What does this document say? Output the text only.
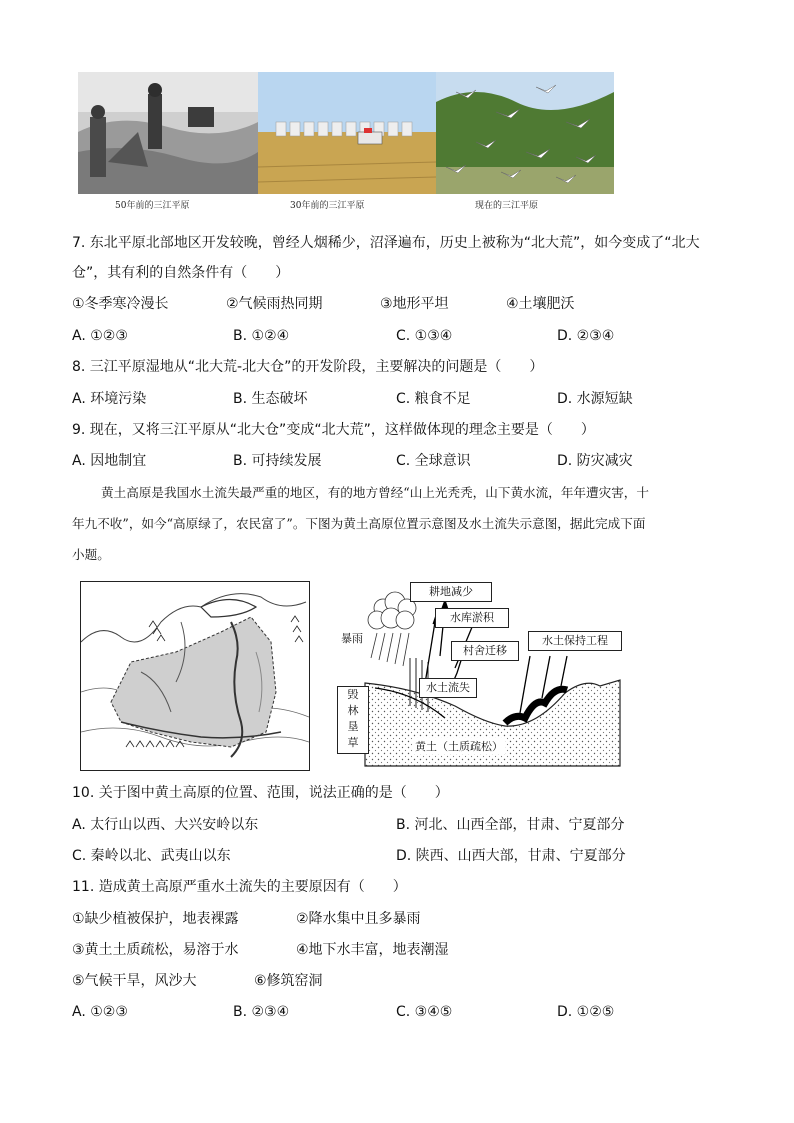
50年前的三江平原	30年前的三江平原	现在的三江平原
7. 东北平原北部地区开发较晚，曾经人烟稀少，沼泽遍布，历史上被称为“北大荒”，如今变成了“北大
仓”，其有利的自然条件有（　　）
①冬季寒冷漫长	②气候雨热同期	③地形平坦	④土壤肥沃
A. ①②③	B. ①②④	C. ①③④	D. ②③④
8. 三江平原湿地从“北大荒-北大仓”的开发阶段，主要解决的问题是（　　）
A. 环境污染	B. 生态破坏	C. 粮食不足	D. 水源短缺
9. 现在，又将三江平原从“北大仓”变成“北大荒”，这样做体现的理念主要是（　　）
A. 因地制宜	B. 可持续发展	C. 全球意识	D. 防灾减灾
黄土高原是我国水土流失最严重的地区，有的地方曾经“山上光秃秃，山下黄水流，年年遭灾害，十
年九不收”，如今“高原绿了，农民富了”。下图为黄土高原位置示意图及水土流失示意图，据此完成下面
小题。
耕地减少
水库淤积
村舍迁移
水土保持工程
水土流失
暴雨
毁
林
垦
草	黄土（土质疏松）
10. 关于图中黄土高原的位置、范围，说法正确的是（　　）
A. 太行山以西、大兴安岭以东	B. 河北、山西全部，甘肃、宁夏部分
C. 秦岭以北、武夷山以东	D. 陕西、山西大部，甘肃、宁夏部分
11. 造成黄土高原严重水土流失的主要原因有（　　）
①缺少植被保护，地表裸露	②降水集中且多暴雨
③黄土土质疏松，易溶于水	④地下水丰富，地表潮湿
⑤气候干旱，风沙大	⑥修筑窑洞
A. ①②③	B. ②③④	C. ③④⑤	D. ①②⑤
